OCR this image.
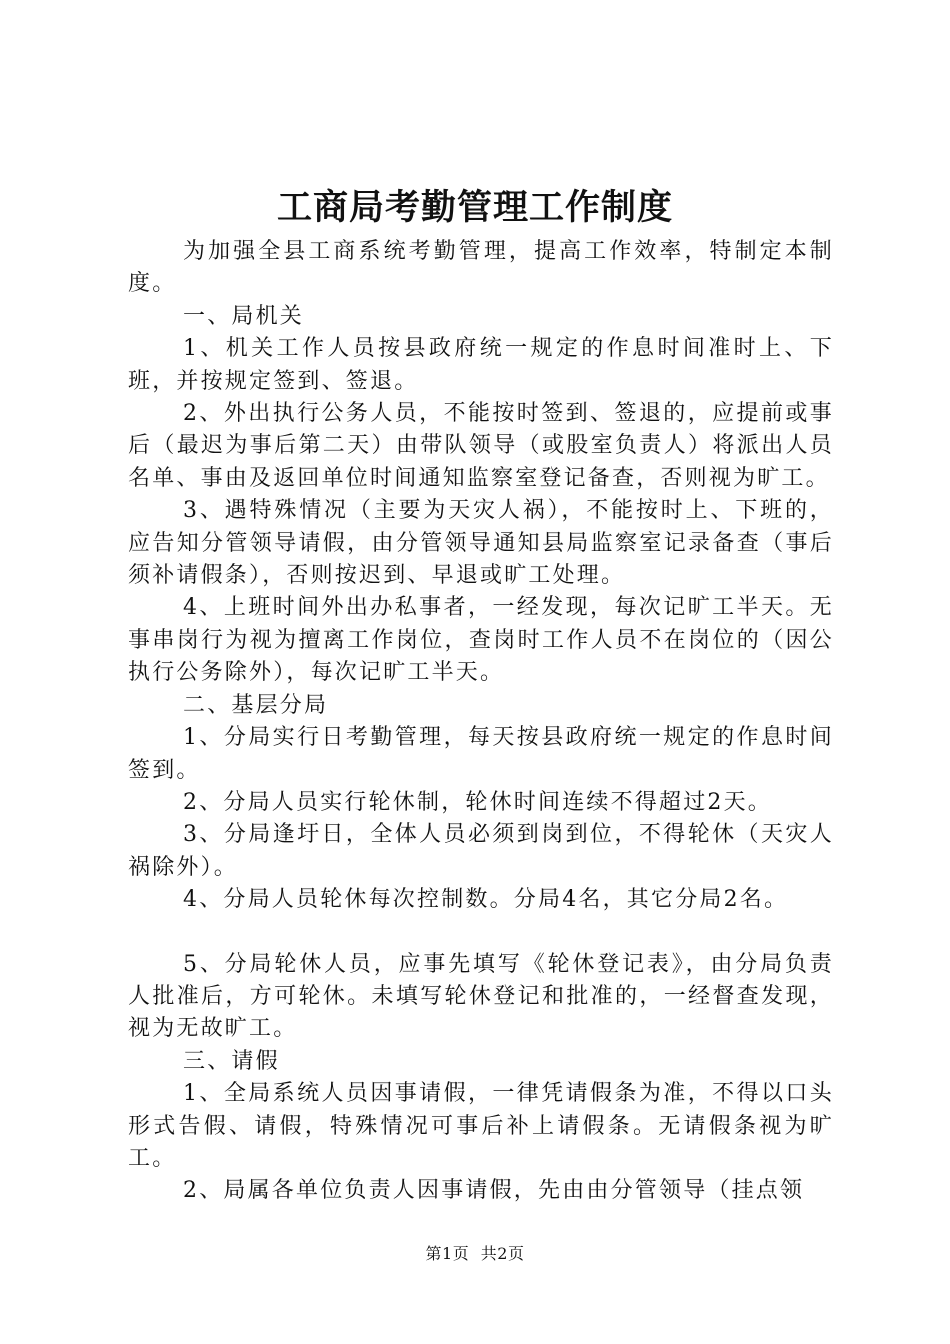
工商局考勤管理工作制度

为加强全县工商系统考勤管理，提高工作效率，特制定本制度。

一、局机关

1、机关工作人员按县政府统一规定的作息时间准时上、下班，并按规定签到、签退。

2、外出执行公务人员，不能按时签到、签退的，应提前或事后（最迟为事后第二天）由带队领导（或股室负责人）将派出人员名单、事由及返回单位时间通知监察室登记备查，否则视为旷工。

3、遇特殊情况（主要为天灾人祸），不能按时上、下班的，应告知分管领导请假，由分管领导通知县局监察室记录备查（事后须补请假条），否则按迟到、早退或旷工处理。

4、上班时间外出办私事者，一经发现，每次记旷工半天。无事串岗行为视为擅离工作岗位，查岗时工作人员不在岗位的（因公执行公务除外），每次记旷工半天。

二、基层分局

1、分局实行日考勤管理，每天按县政府统一规定的作息时间签到。

2、分局人员实行轮休制，轮休时间连续不得超过2天。

3、分局逢圩日，全体人员必须到岗到位，不得轮休（天灾人祸除外）。

4、分局人员轮休每次控制数。分局4名，其它分局2名。

5、分局轮休人员，应事先填写《轮休登记表》，由分局负责人批准后，方可轮休。未填写轮休登记和批准的，一经督查发现，视为无故旷工。

三、请假

1、全局系统人员因事请假，一律凭请假条为准，不得以口头形式告假、请假，特殊情况可事后补上请假条。无请假条视为旷工。

2、局属各单位负责人因事请假，先由由分管领导（挂点领

第1页 共2页
